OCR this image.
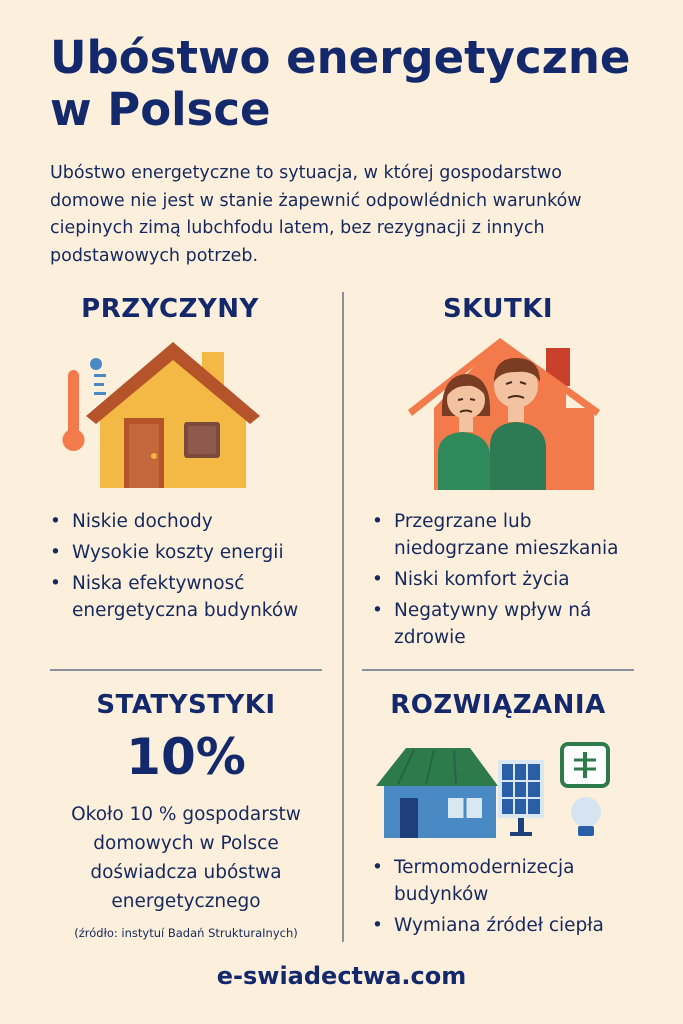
Ubóstwo energetyczne
w Polsce

Ubóstwo energetyczne to sytuacja, w której gospodarstwo domowe nie jest w stanie żapewnić odpowlédnich warunków ciepinych zimą lubchfodu latem, bez rezygnacji z innych podstawowych potrzeb.

PRZYCZYNY
• Niskie dochody
• Wysokie koszty energii
• Niska efektywnosć energetyczna budynków
SKUTKI
• Przegrzane lub niedogrzane mieszkania
• Niski komfort życia
• Negatywny wpływ ná zdrowie
STATYSTYKI

10%

Około 10 % gospodarstw domowych w Polsce doświadcza ubóstwa energetycznego

(źródło: instytuí Badań StrukturaInych)

ROZWIĄZANIA
• Termomodernizecja budynków
• Wymiana źródeł ciepła

e-swiadectwa.com
